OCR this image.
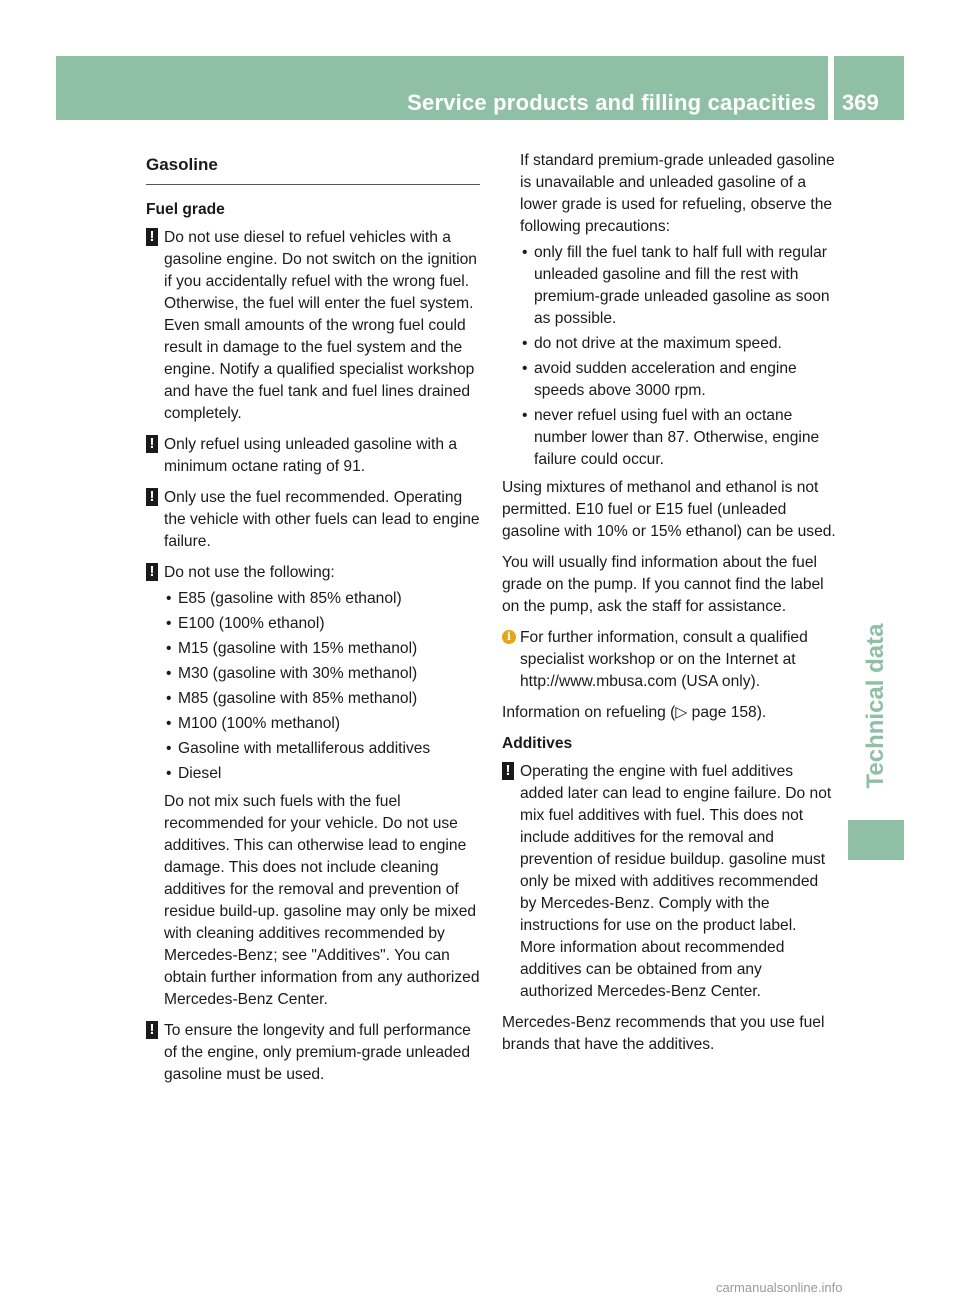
Service products and filling capacities 369
Technical data
Gasoline
Fuel grade
! Do not use diesel to refuel vehicles with a gasoline engine. Do not switch on the ignition if you accidentally refuel with the wrong fuel. Otherwise, the fuel will enter the fuel system. Even small amounts of the wrong fuel could result in damage to the fuel system and the engine. Notify a qualified specialist workshop and have the fuel tank and fuel lines drained completely.
! Only refuel using unleaded gasoline with a minimum octane rating of 91.
! Only use the fuel recommended. Operating the vehicle with other fuels can lead to engine failure.
! Do not use the following:
• E85 (gasoline with 85% ethanol)
• E100 (100% ethanol)
• M15 (gasoline with 15% methanol)
• M30 (gasoline with 30% methanol)
• M85 (gasoline with 85% methanol)
• M100 (100% methanol)
• Gasoline with metalliferous additives
• Diesel
Do not mix such fuels with the fuel recommended for your vehicle. Do not use additives. This can otherwise lead to engine damage. This does not include cleaning additives for the removal and prevention of residue build-up. gasoline may only be mixed with cleaning additives recommended by Mercedes-Benz; see "Additives". You can obtain further information from any authorized Mercedes-Benz Center.
! To ensure the longevity and full performance of the engine, only premium-grade unleaded gasoline must be used.
If standard premium-grade unleaded gasoline is unavailable and unleaded gasoline of a lower grade is used for refueling, observe the following precautions:
• only fill the fuel tank to half full with regular unleaded gasoline and fill the rest with premium-grade unleaded gasoline as soon as possible.
• do not drive at the maximum speed.
• avoid sudden acceleration and engine speeds above 3000 rpm.
• never refuel using fuel with an octane number lower than 87. Otherwise, engine failure could occur.
Using mixtures of methanol and ethanol is not permitted. E10 fuel or E15 fuel (unleaded gasoline with 10% or 15% ethanol) can be used.
You will usually find information about the fuel grade on the pump. If you cannot find the label on the pump, ask the staff for assistance.
i For further information, consult a qualified specialist workshop or on the Internet at http://www.mbusa.com (USA only).
Information on refueling (▷ page 158).
Additives
! Operating the engine with fuel additives added later can lead to engine failure. Do not mix fuel additives with fuel. This does not include additives for the removal and prevention of residue buildup. gasoline must only be mixed with additives recommended by Mercedes-Benz. Comply with the instructions for use on the product label. More information about recommended additives can be obtained from any authorized Mercedes-Benz Center.
Mercedes-Benz recommends that you use fuel brands that have the additives.
carmanualsonline.info
